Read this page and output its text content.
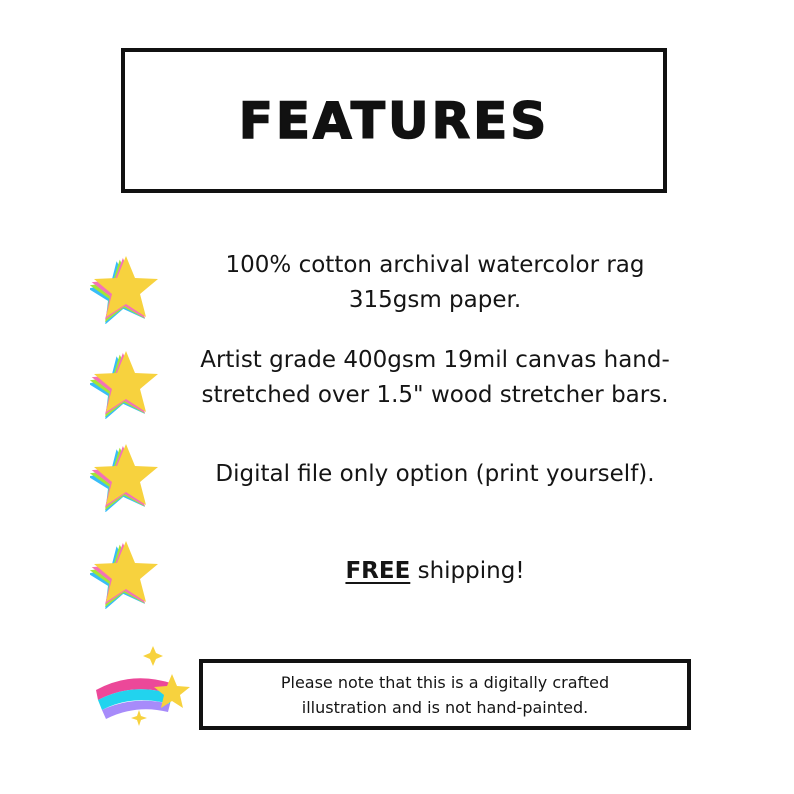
FEATURES
100% cotton archival watercolor rag
315gsm paper.
Artist grade 400gsm 19mil canvas hand-
stretched over 1.5" wood stretcher bars.
Digital file only option (print yourself).
FREE shipping!
Please note that this is a digitally crafted
illustration and is not hand-painted.
